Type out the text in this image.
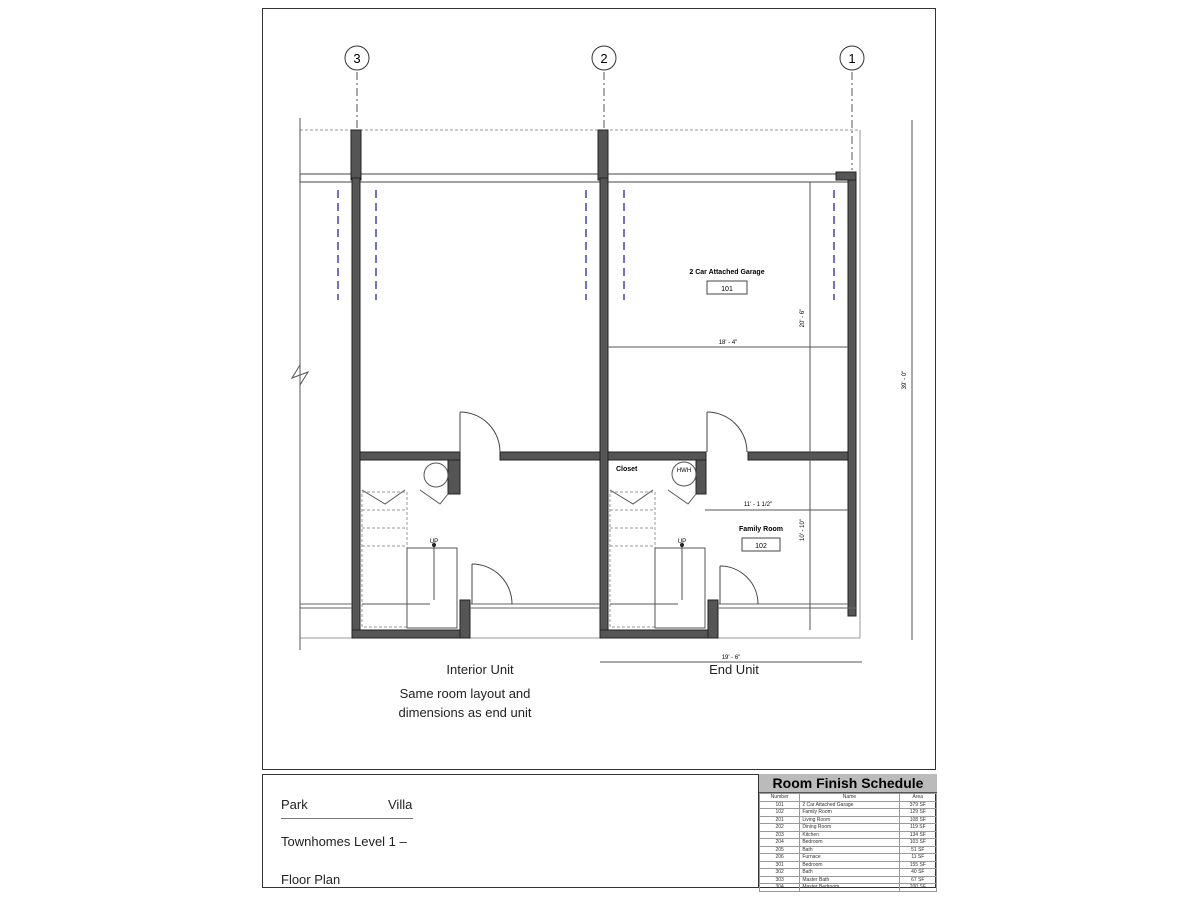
3	2	1
UP	UP
HWH
2 Car Attached Garage
101
Family Room
102
Closet
18' - 4"
20' - 6"
39' - 0"
11' - 1 1/2"
10' - 10"
19' - 6"
Interior Unit
Same room layout and dimensions as end unit
End Unit
Park	Villa
Townhomes Level 1 –
Floor Plan
Room Finish Schedule
Number	Name	Area
101	2 Car Attached Garage	379 SF
102	Family Room	129 SF
201	Living Room	108 SF
202	Dining Room	119 SF
203	Kitchen	134 SF
204	Bedroom	103 SF
205	Bath	51 SF
206	Furnace	11 SF
301	Bedroom	155 SF
302	Bath	40 SF
303	Master Bath	67 SF
304	Master Bedroom	200 SF
